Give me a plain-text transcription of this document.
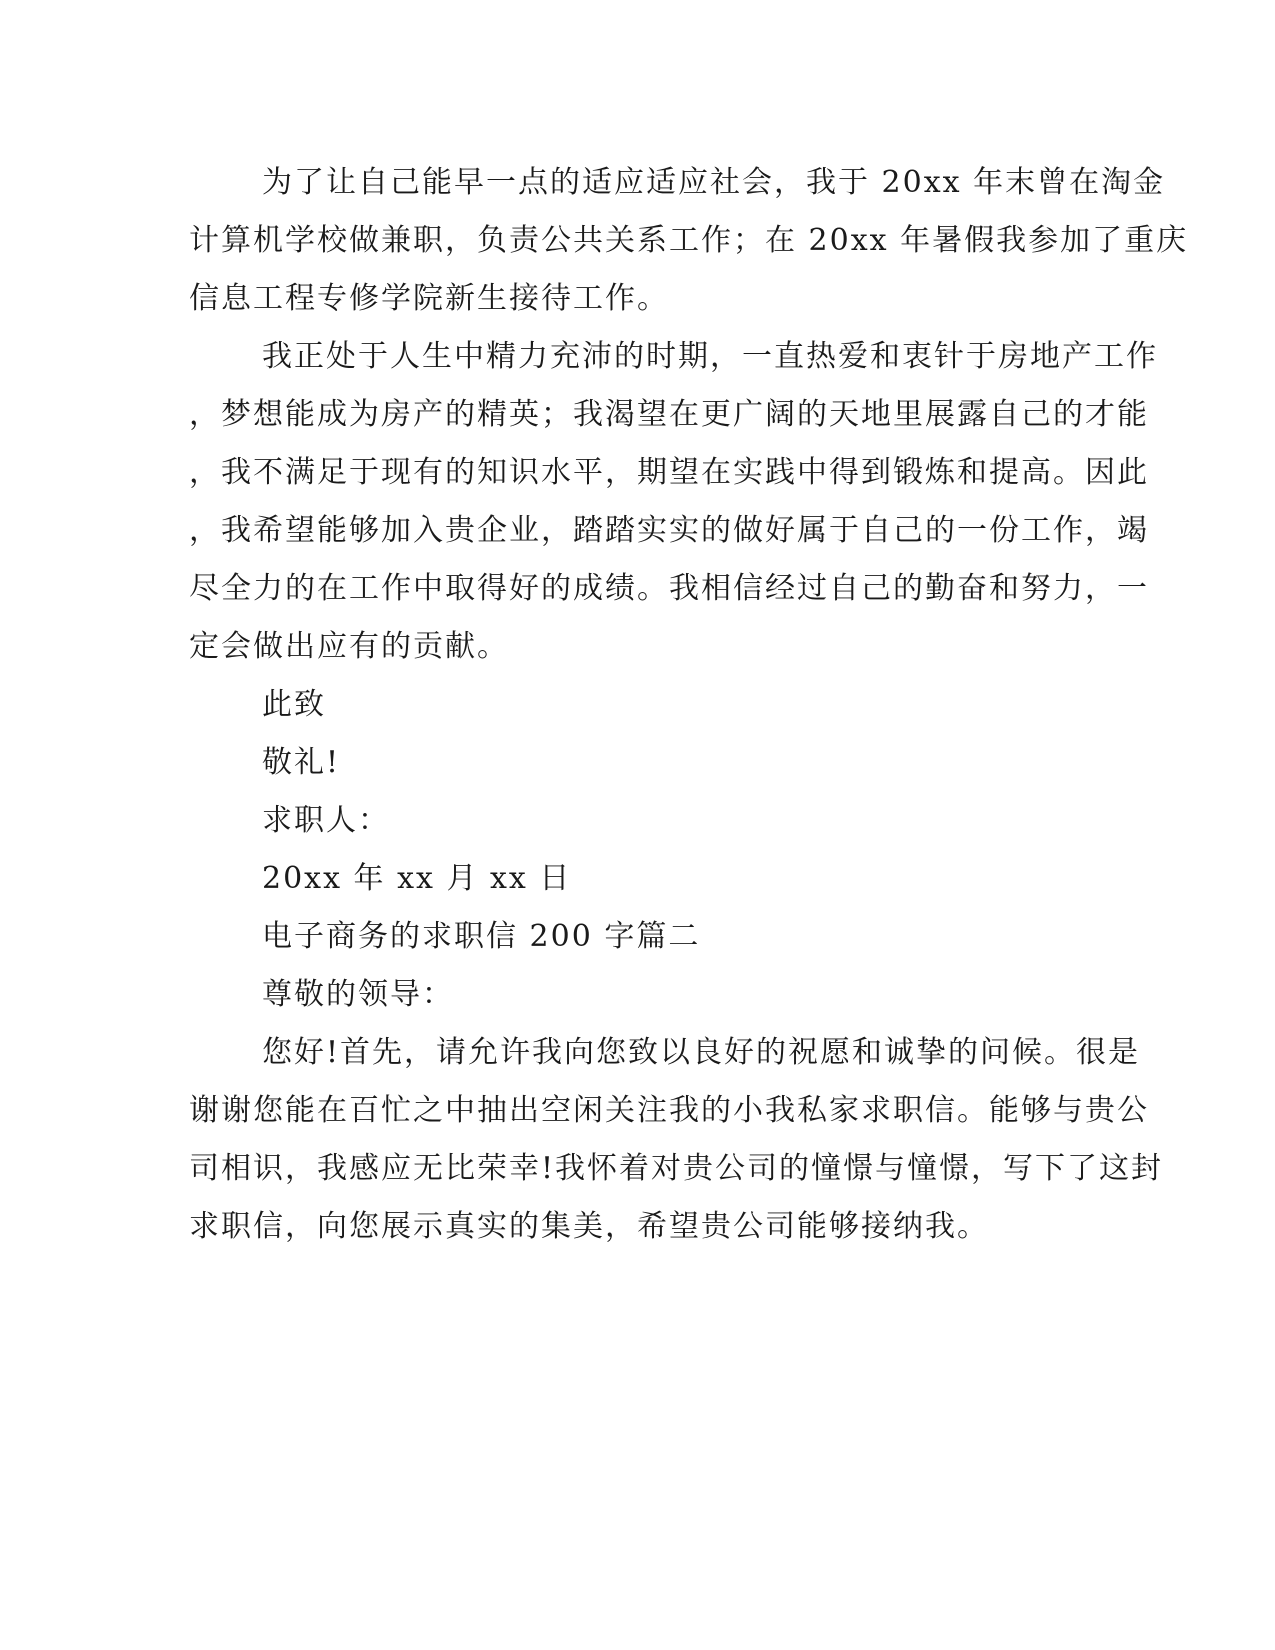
为了让自己能早一点的适应适应社会，我于 20xx 年末曾在淘金
计算机学校做兼职，负责公共关系工作；在 20xx 年暑假我参加了重庆
信息工程专修学院新生接待工作。
我正处于人生中精力充沛的时期，一直热爱和衷针于房地产工作
，梦想能成为房产的精英；我渴望在更广阔的天地里展露自己的才能
，我不满足于现有的知识水平，期望在实践中得到锻炼和提高。因此
，我希望能够加入贵企业，踏踏实实的做好属于自己的一份工作，竭
尽全力的在工作中取得好的成绩。我相信经过自己的勤奋和努力，一
定会做出应有的贡献。
此致
敬礼!
求职人：
20xx 年 xx 月 xx 日
电子商务的求职信 200 字篇二
尊敬的领导：
您好!首先，请允许我向您致以良好的祝愿和诚挚的问候。很是
谢谢您能在百忙之中抽出空闲关注我的小我私家求职信。能够与贵公
司相识，我感应无比荣幸!我怀着对贵公司的憧憬与憧憬，写下了这封
求职信，向您展示真实的集美，希望贵公司能够接纳我。
